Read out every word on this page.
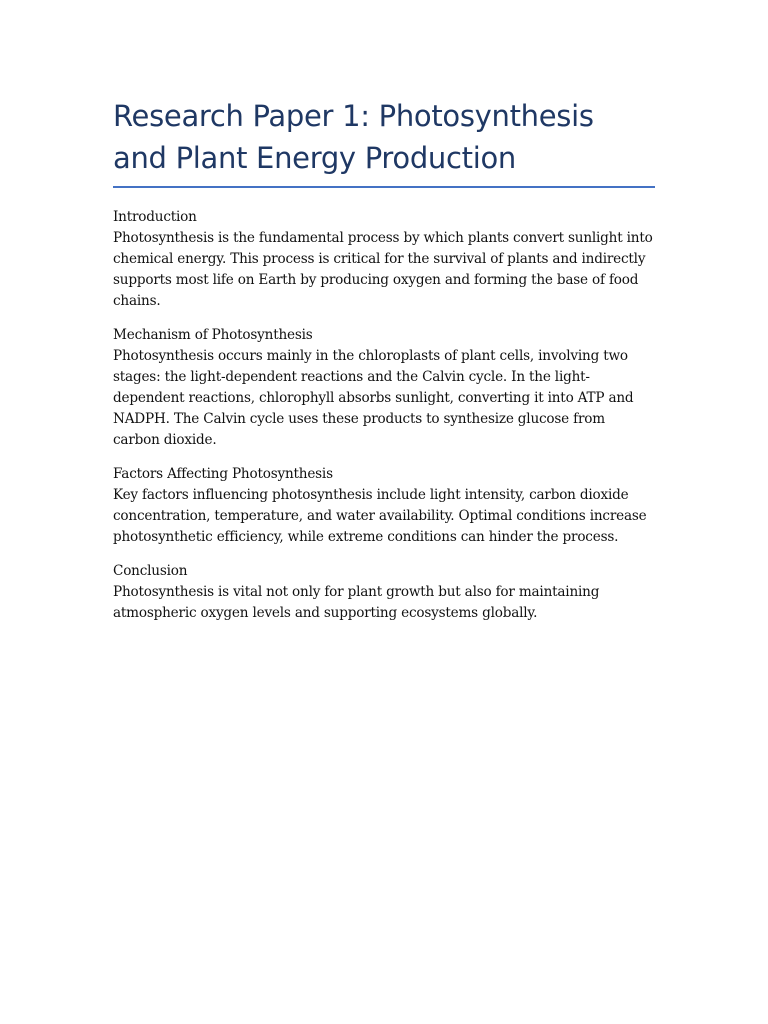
Research Paper 1: Photosynthesis and Plant Energy Production
Introduction
Photosynthesis is the fundamental process by which plants convert sunlight into chemical energy. This process is critical for the survival of plants and indirectly supports most life on Earth by producing oxygen and forming the base of food chains.
Mechanism of Photosynthesis
Photosynthesis occurs mainly in the chloroplasts of plant cells, involving two stages: the light-dependent reactions and the Calvin cycle. In the light-dependent reactions, chlorophyll absorbs sunlight, converting it into ATP and NADPH. The Calvin cycle uses these products to synthesize glucose from carbon dioxide.
Factors Affecting Photosynthesis
Key factors influencing photosynthesis include light intensity, carbon dioxide concentration, temperature, and water availability. Optimal conditions increase photosynthetic efficiency, while extreme conditions can hinder the process.
Conclusion
Photosynthesis is vital not only for plant growth but also for maintaining atmospheric oxygen levels and supporting ecosystems globally.
